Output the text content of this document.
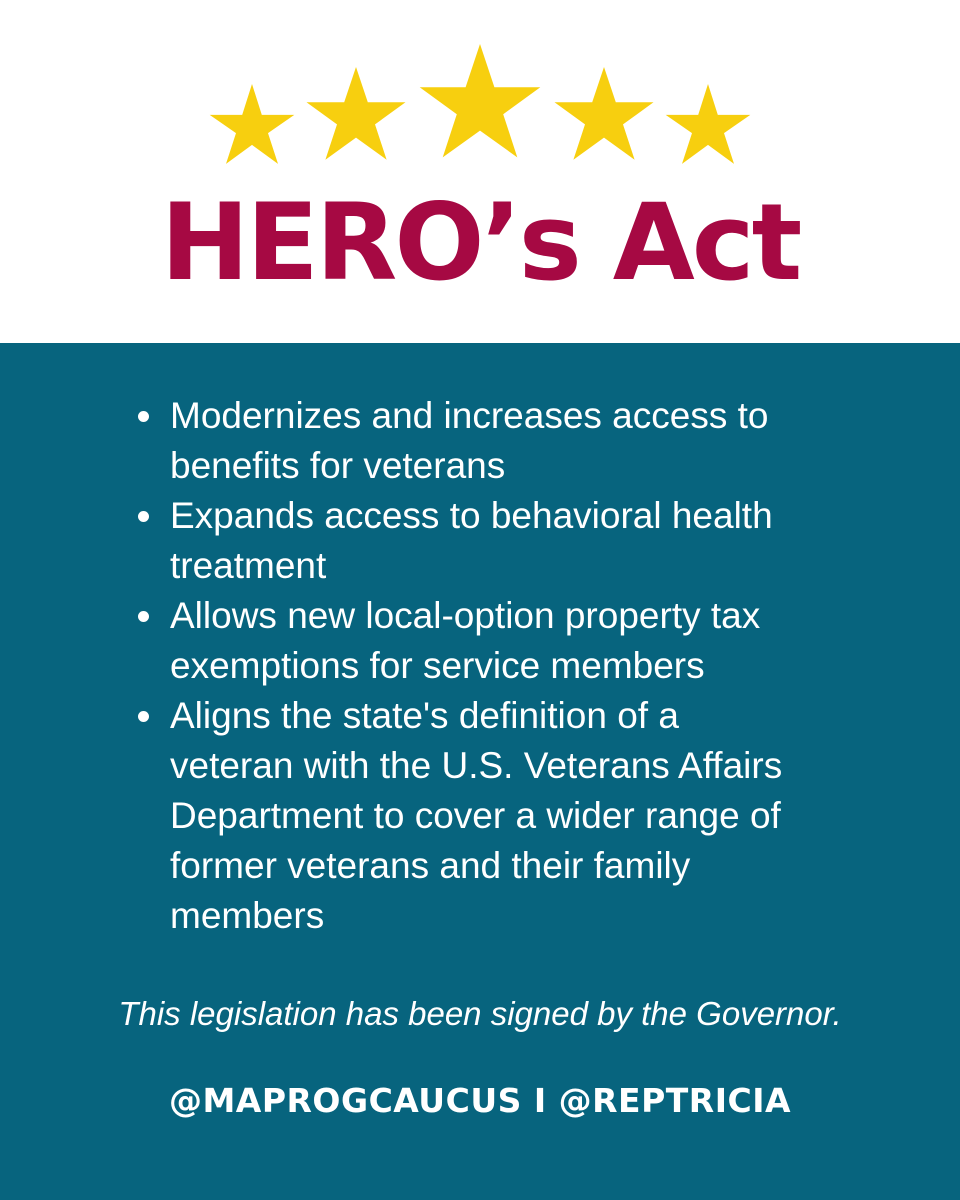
HERO’s Act
Modernizes and increases access to
benefits for veterans
Expands access to behavioral health
treatment
Allows new local-option property tax
exemptions for service members
Aligns the state's definition of a
veteran with the U.S. Veterans Affairs
Department to cover a wider range of
former veterans and their family
members
This legislation has been signed by the Governor.
@MAPROGCAUCUS I @REPTRICIA
